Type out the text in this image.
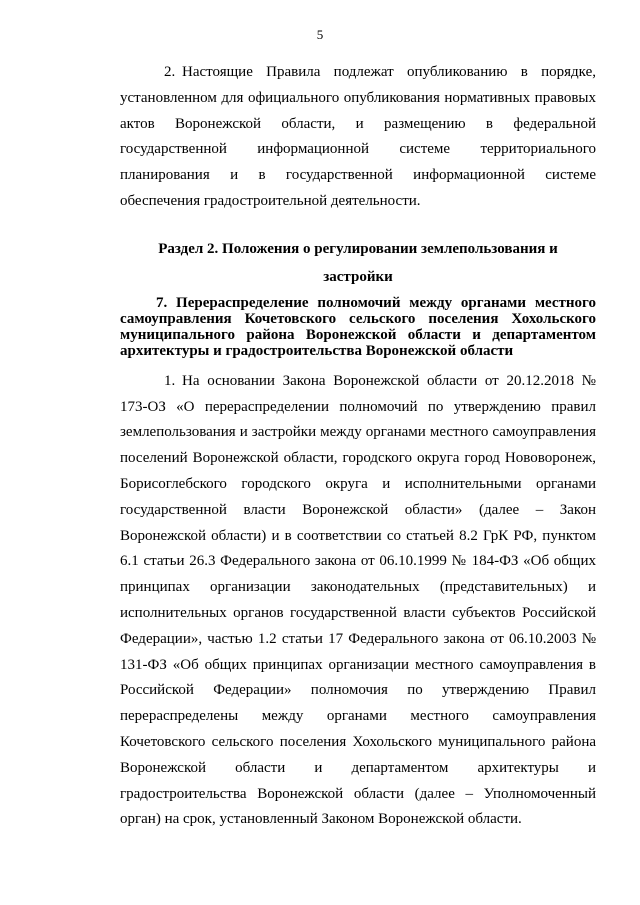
5

2. Настоящие Правила подлежат опубликованию в порядке, установленном для официального опубликования нормативных правовых актов Воронежской области, и размещению в федеральной государственной информационной системе территориального планирования и в государственной информационной системе обеспечения градостроительной деятельности.

Раздел 2. Положения о регулировании землепользования и застройки
7. Перераспределение полномочий между органами местного самоуправления Кочетовского сельского поселения Хохольского муниципального района Воронежской области и департаментом архитектуры и градостроительства Воронежской области

1. На основании Закона Воронежской области от 20.12.2018 № 173-ОЗ «О перераспределении полномочий по утверждению правил землепользования и застройки между органами местного самоуправления поселений Воронежской области, городского округа город Нововоронеж, Борисоглебского городского округа и исполнительными органами государственной власти Воронежской области» (далее – Закон Воронежской области) и в соответствии со статьей 8.2 ГрК РФ, пунктом 6.1 статьи 26.3 Федерального закона от 06.10.1999 № 184-ФЗ «Об общих принципах организации законодательных (представительных) и исполнительных органов государственной власти субъектов Российской Федерации», частью 1.2 статьи 17 Федерального закона от 06.10.2003 № 131-ФЗ «Об общих принципах организации местного самоуправления в Российской Федерации» полномочия по утверждению Правил перераспределены между органами местного самоуправления Кочетовского сельского поселения Хохольского муниципального района Воронежской области и департаментом архитектуры и градостроительства Воронежской области (далее – Уполномоченный орган) на срок, установленный Законом Воронежской области.
